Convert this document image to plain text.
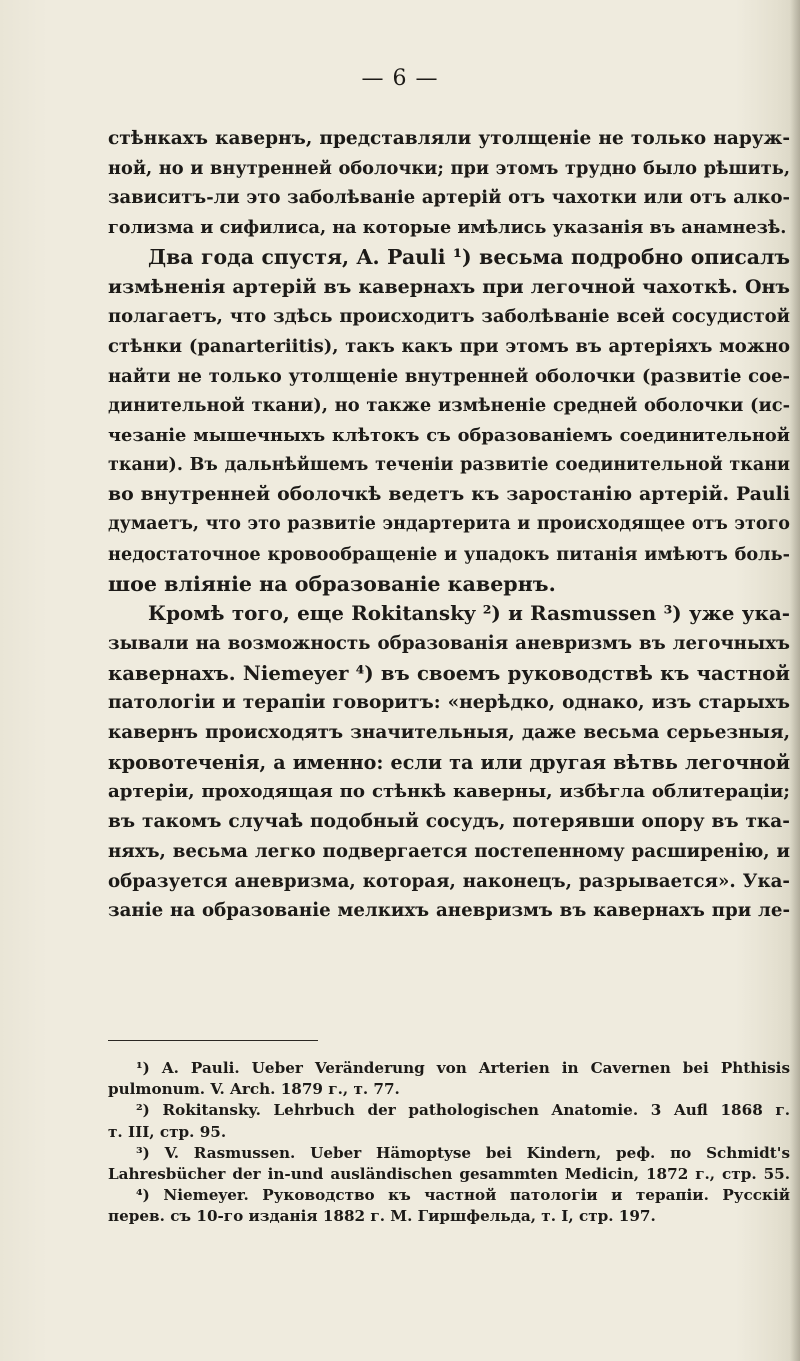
— 6 —
стѣнкахъ кавернъ, представляли утолщеніе не только наруж-
ной, но и внутренней оболочки; при этомъ трудно было рѣшить,
зависитъ-ли это заболѣваніе артерій отъ чахотки или отъ алко-
голизма и сифилиса, на которые имѣлись указанія въ анамнезѣ.
Два года спустя, A. Pauli ¹) весьма подробно описалъ
измѣненія артерій въ кавернахъ при легочной чахоткѣ. Онъ
полагаетъ, что здѣсь происходитъ заболѣваніе всей сосудистой
стѣнки (panarteriitis), такъ какъ при этомъ въ артеріяхъ можно
найти не только утолщеніе внутренней оболочки (развитіе сое-
динительной ткани), но также измѣненіе средней оболочки (ис-
чезаніе мышечныхъ клѣтокъ съ образованіемъ соединительной
ткани). Въ дальнѣйшемъ теченіи развитіе соединительной ткани
во внутренней оболочкѣ ведетъ къ заростанію артерій. Pauli
думаетъ, что это развитіе эндартерита и происходящее отъ этого
недостаточное кровообращеніе и упадокъ питанія имѣютъ боль-
шое вліяніе на образованіе кавернъ.
Кромѣ того, еще Rokitansky ²) и Rasmussen ³) уже ука-
зывали на возможность образованія аневризмъ въ легочныхъ
кавернахъ. Niemeyer ⁴) въ своемъ руководствѣ къ частной
патологіи и терапіи говоритъ: «нерѣдко, однако, изъ старыхъ
кавернъ происходятъ значительныя, даже весьма серьезныя,
кровотеченія, а именно: если та или другая вѣтвь легочной
артеріи, проходящая по стѣнкѣ каверны, избѣгла облитераціи;
въ такомъ случаѣ подобный сосудъ, потерявши опору въ тка-
няхъ, весьма легко подвергается постепенному расширенію, и
образуется аневризма, которая, наконецъ, разрывается». Ука-
заніе на образованіе мелкихъ аневризмъ въ кавернахъ при ле-
¹) A. Pauli. Ueber Veränderung von Arterien in Cavernen bei Phthisis
pulmonum. V. Arch. 1879 г., т. 77.
²) Rokitansky. Lehrbuch der pathologischen Anatomie. 3 Aufl 1868 г.
т. III, стр. 95.
³) V. Rasmussen. Ueber Hämoptyse bei Kindern, реф. по Schmidt's
Lahresbücher der in-und ausländischen gesammten Medicin, 1872 г., стр. 55.
⁴) Niemeyer. Руководство къ частной патологіи и терапіи. Русскій
перев. съ 10-го изданія 1882 г. М. Гиршфельда, т. I, стр. 197.
